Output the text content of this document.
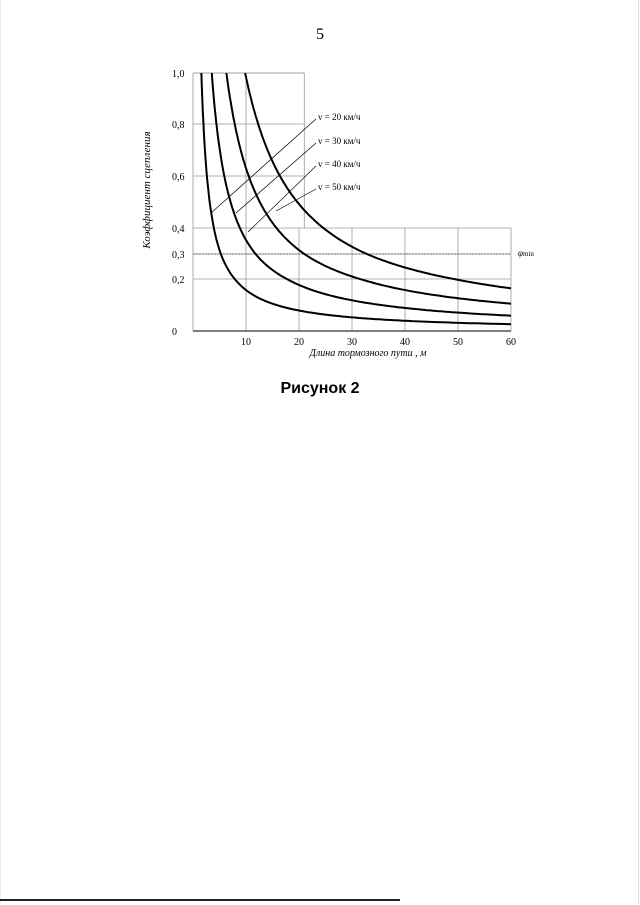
5
0
0,2
0,3
0,4
0,6
0,8
1,0
10	20	30	40	50	60
v = 20 км/ч
v = 30 км/ч
v = 40 км/ч
v = 50 км/ч
φmin
Коэффициент сцепления
Длина тормозного пути , м
Рисунок 2
